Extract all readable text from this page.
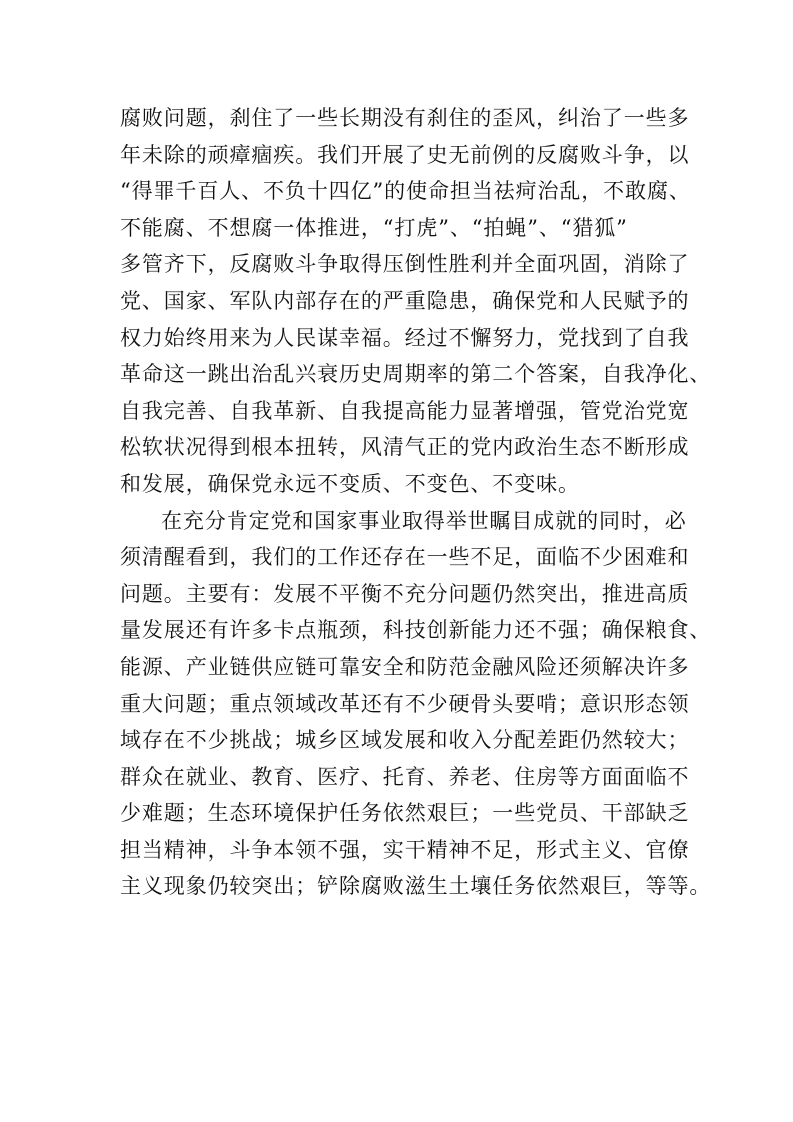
腐败问题，刹住了一些长期没有刹住的歪风，纠治了一些多
年未除的顽瘴痼疾。我们开展了史无前例的反腐败斗争，以
“得罪千百人、不负十四亿”的使命担当祛疴治乱，不敢腐、
不能腐、不想腐一体推进，“打虎”、“拍蝇”、“猎狐”
多管齐下，反腐败斗争取得压倒性胜利并全面巩固，消除了
党、国家、军队内部存在的严重隐患，确保党和人民赋予的
权力始终用来为人民谋幸福。经过不懈努力，党找到了自我
革命这一跳出治乱兴衰历史周期率的第二个答案，自我净化、
自我完善、自我革新、自我提高能力显著增强，管党治党宽
松软状况得到根本扭转，风清气正的党内政治生态不断形成
和发展，确保党永远不变质、不变色、不变味。
在充分肯定党和国家事业取得举世瞩目成就的同时，必
须清醒看到，我们的工作还存在一些不足，面临不少困难和
问题。主要有：发展不平衡不充分问题仍然突出，推进高质
量发展还有许多卡点瓶颈，科技创新能力还不强；确保粮食、
能源、产业链供应链可靠安全和防范金融风险还须解决许多
重大问题；重点领域改革还有不少硬骨头要啃；意识形态领
域存在不少挑战；城乡区域发展和收入分配差距仍然较大；
群众在就业、教育、医疗、托育、养老、住房等方面面临不
少难题；生态环境保护任务依然艰巨；一些党员、干部缺乏
担当精神，斗争本领不强，实干精神不足，形式主义、官僚
主义现象仍较突出；铲除腐败滋生土壤任务依然艰巨，等等。
